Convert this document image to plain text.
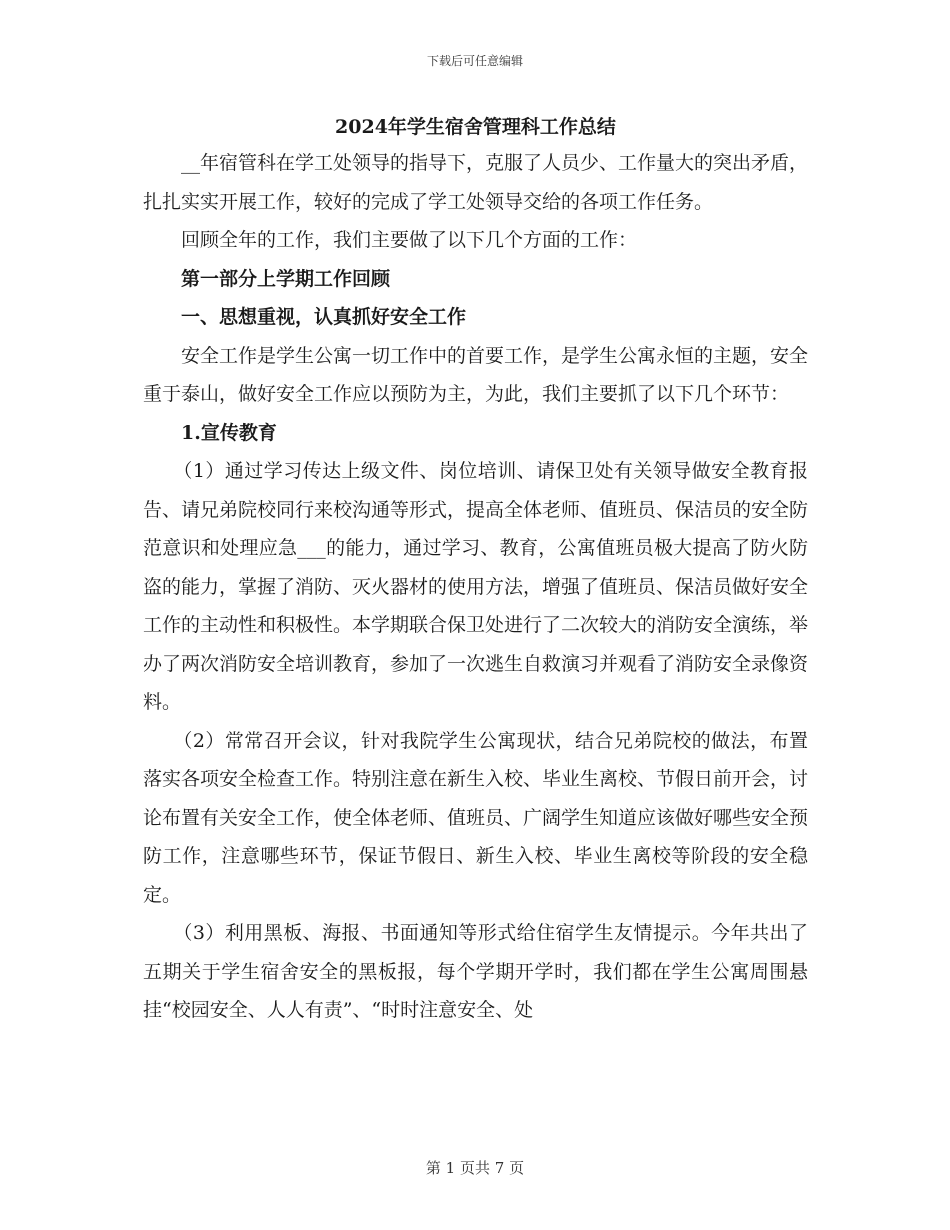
下载后可任意编辑

2024年学生宿舍管理科工作总结

__年宿管科在学工处领导的指导下，克服了人员少、工作量大的突出矛盾，扎扎实实开展工作，较好的完成了学工处领导交给的各项工作任务。

回顾全年的工作，我们主要做了以下几个方面的工作：

第一部分上学期工作回顾

一、思想重视，认真抓好安全工作

安全工作是学生公寓一切工作中的首要工作，是学生公寓永恒的主题，安全重于泰山，做好安全工作应以预防为主，为此，我们主要抓了以下几个环节：

1.宣传教育

（1）通过学习传达上级文件、岗位培训、请保卫处有关领导做安全教育报告、请兄弟院校同行来校沟通等形式，提高全体老师、值班员、保洁员的安全防范意识和处理应急___的能力，通过学习、教育，公寓值班员极大提高了防火防盗的能力，掌握了消防、灭火器材的使用方法，增强了值班员、保洁员做好安全工作的主动性和积极性。本学期联合保卫处进行了二次较大的消防安全演练，举办了两次消防安全培训教育，参加了一次逃生自救演习并观看了消防安全录像资料。

（2）常常召开会议，针对我院学生公寓现状，结合兄弟院校的做法，布置落实各项安全检查工作。特别注意在新生入校、毕业生离校、节假日前开会，讨论布置有关安全工作，使全体老师、值班员、广阔学生知道应该做好哪些安全预防工作，注意哪些环节，保证节假日、新生入校、毕业生离校等阶段的安全稳定。

（3）利用黑板、海报、书面通知等形式给住宿学生友情提示。今年共出了五期关于学生宿舍安全的黑板报，每个学期开学时，我们都在学生公寓周围悬挂“校园安全、人人有责”、“时时注意安全、处

第 1 页共 7 页
